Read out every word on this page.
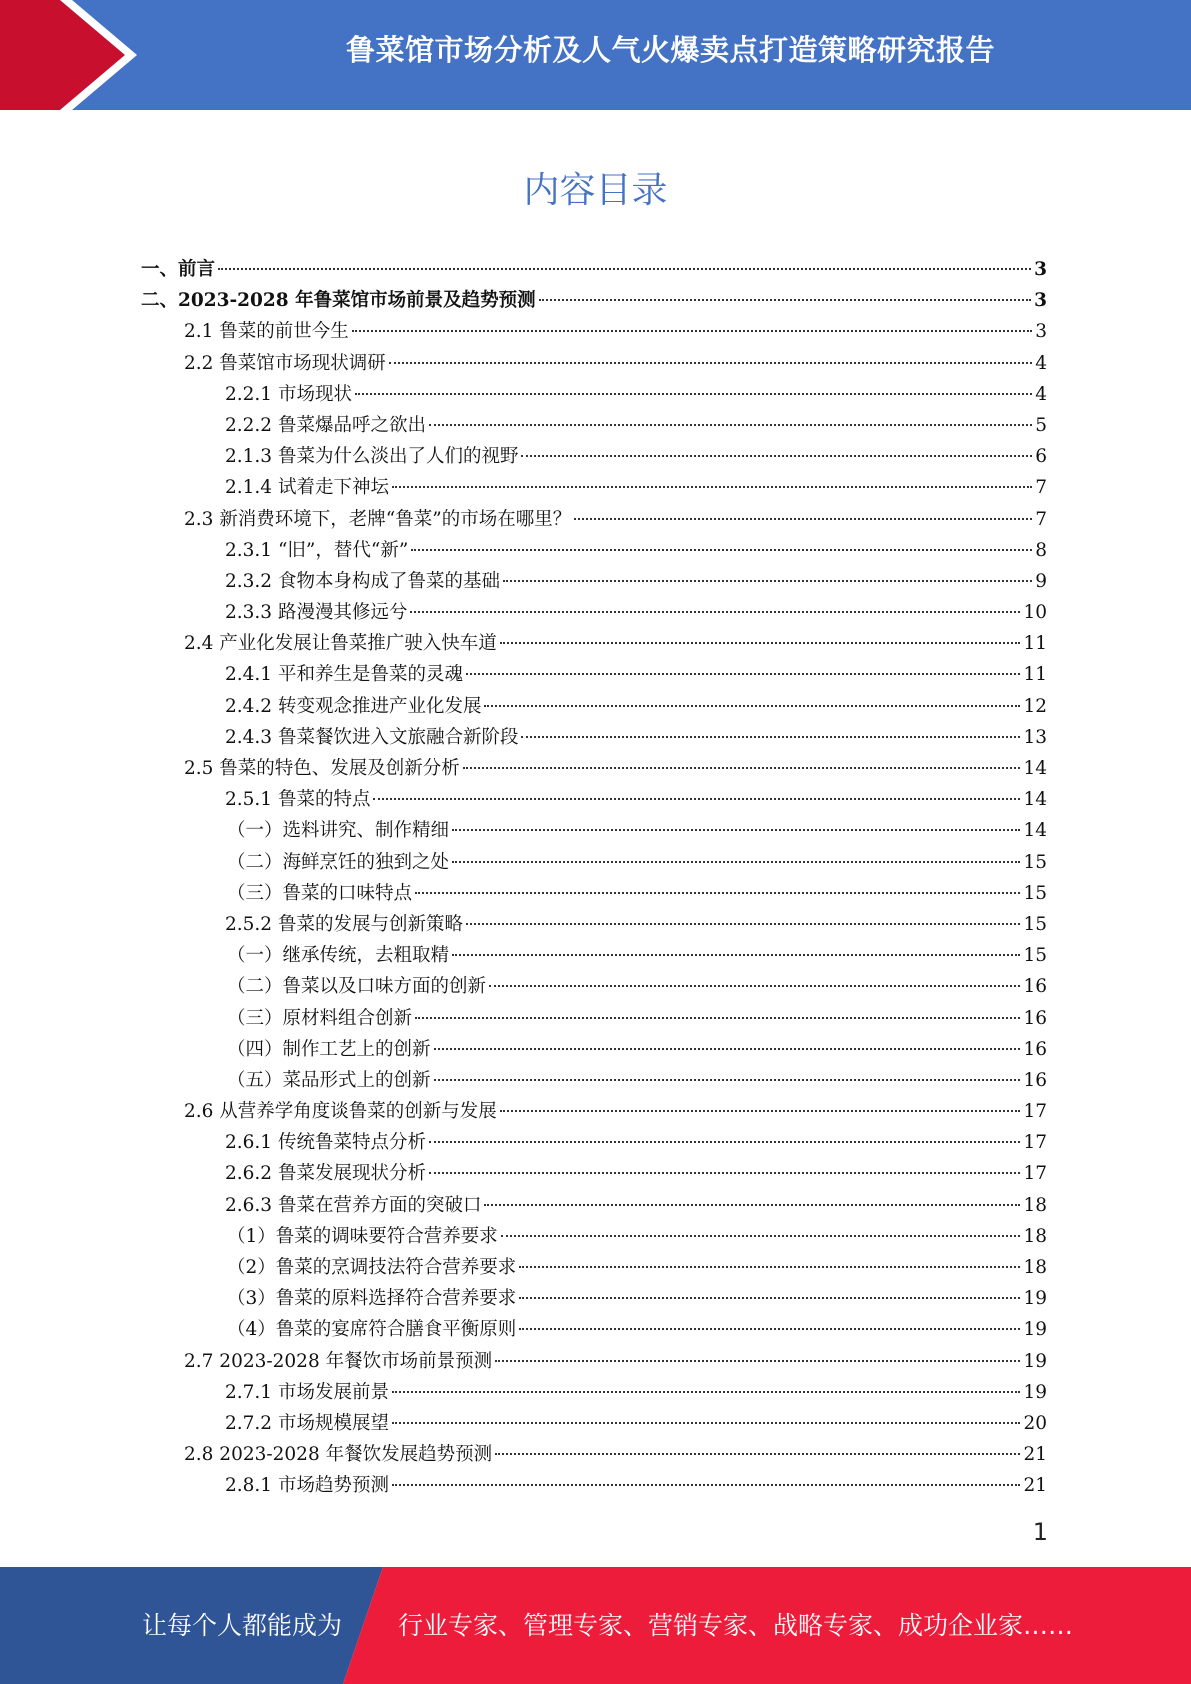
鲁菜馆市场分析及人气火爆卖点打造策略研究报告
内容目录
一、前言	3
二、2023-2028 年鲁菜馆市场前景及趋势预测	3
2.1 鲁菜的前世今生	3
2.2 鲁菜馆市场现状调研	4
2.2.1 市场现状	4
2.2.2 鲁菜爆品呼之欲出	5
2.1.3 鲁菜为什么淡出了人们的视野	6
2.1.4 试着走下神坛	7
2.3 新消费环境下，老牌“鲁菜”的市场在哪里？	7
2.3.1 “旧”，替代“新”	8
2.3.2 食物本身构成了鲁菜的基础	9
2.3.3 路漫漫其修远兮	10
2.4 产业化发展让鲁菜推广驶入快车道	11
2.4.1 平和养生是鲁菜的灵魂	11
2.4.2 转变观念推进产业化发展	12
2.4.3 鲁菜餐饮进入文旅融合新阶段	13
2.5 鲁菜的特色、发展及创新分析	14
2.5.1 鲁菜的特点	14
（一）选料讲究、制作精细	14
（二）海鲜烹饪的独到之处	15
（三）鲁菜的口味特点	15
2.5.2 鲁菜的发展与创新策略	15
（一）继承传统，去粗取精	15
（二）鲁菜以及口味方面的创新	16
（三）原材料组合创新	16
（四）制作工艺上的创新	16
（五）菜品形式上的创新	16
2.6 从营养学角度谈鲁菜的创新与发展	17
2.6.1 传统鲁菜特点分析	17
2.6.2 鲁菜发展现状分析	17
2.6.3 鲁菜在营养方面的突破口	18
（1）鲁菜的调味要符合营养要求	18
（2）鲁菜的烹调技法符合营养要求	18
（3）鲁菜的原料选择符合营养要求	19
（4）鲁菜的宴席符合膳食平衡原则	19
2.7 2023-2028 年餐饮市场前景预测	19
2.7.1 市场发展前景	19
2.7.2 市场规模展望	20
2.8 2023-2028 年餐饮发展趋势预测	21
2.8.1 市场趋势预测	21
1
让每个人都能成为 行业专家、管理专家、营销专家、战略专家、成功企业家……
